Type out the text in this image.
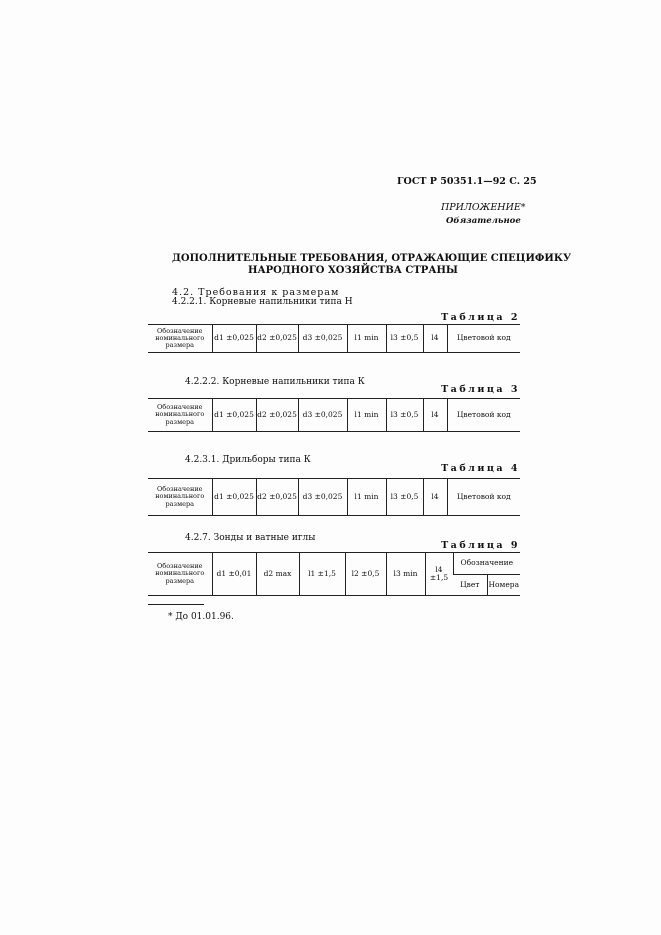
ГОСТ Р 50351.1—92 С. 25
ПРИЛОЖЕНИЕ*
Обязательное
ДОПОЛНИТЕЛЬНЫЕ ТРЕБОВАНИЯ, ОТРАЖАЮЩИЕ СПЕЦИФИКУ
НАРОДНОГО ХОЗЯЙСТВА СТРАНЫ
4.2. Требования к размерам
4.2.2.1. Корневые напильники типа Н
Таблица 2
Обозначение номинального размера	d1 ±0,025	d2 ±0,025	d3 ±0,025	l1 min	l3 ±0,5	l4	Цветовой код
4.2.2.2. Корневые напильники типа К
Таблица 3
Обозначение номинального размера	d1 ±0,025	d2 ±0,025	d3 ±0,025	l1 min	l3 ±0,5	l4	Цветовой код
4.2.3.1. Дрильборы типа К
Таблица 4
Обозначение номинального размера	d1 ±0,025	d2 ±0,025	d3 ±0,025	l1 min	l3 ±0,5	l4	Цветовой код
4.2.7. Зонды и ватные иглы
Таблица 9
Обозначение номинального размера	d1 ±0,01	d2 max	l1 ±1,5	l2 ±0,5	l3 min	l4 ±1,5	Обозначение	
							Цвет	Номера
* До 01.01.96.
